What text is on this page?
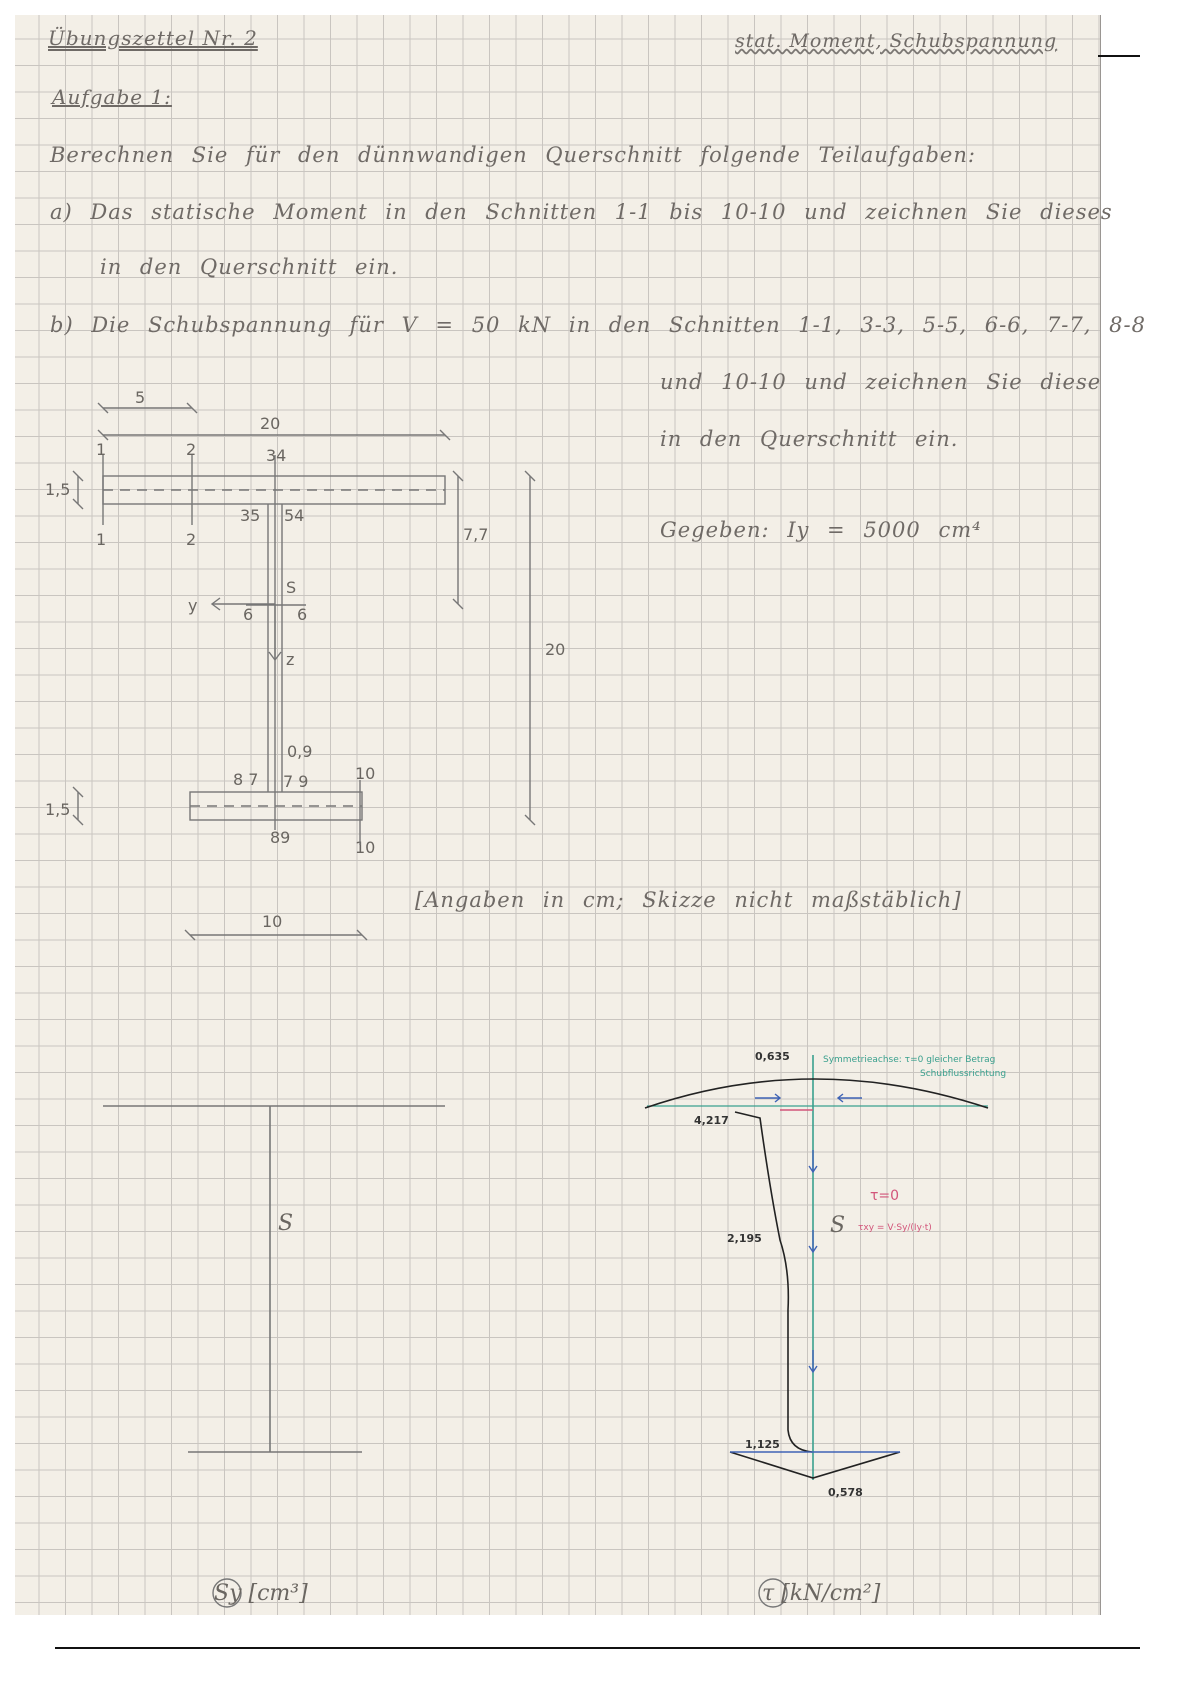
Übungszettel Nr. 2	stat. Moment, Schubspannung
Aufgabe 1:
Berechnen Sie für den dünnwandigen Querschnitt folgende Teilaufgaben:
a) Das statische Moment in den Schnitten 1-1 bis 10-10 und zeichnen Sie dieses
in den Querschnitt ein.
b) Die Schubspannung für V = 50 kN in den Schnitten 1-1, 3-3, 5-5, 6-6, 7-7, 8-8
und 10-10 und zeichnen Sie diese
in den Querschnitt ein.
Gegeben: Iy = 5000 cm⁴
[Angaben in cm; Skizze nicht maßstäblich]
5
20
1	2	34
1,5
35 54
1	2	7,7
S
y	6	6
z
20
0,9
8 7 7 9	10
1,5
89
10
10
S
Sy [cm³]
0,635
4,217
2,195
1,125
0,578
Symmetrieachse: τ=0 gleicher Betrag
Schubflussrichtung
τ=0
S τxy = V·Sy/(Iy·t)
τ [kN/cm²]
